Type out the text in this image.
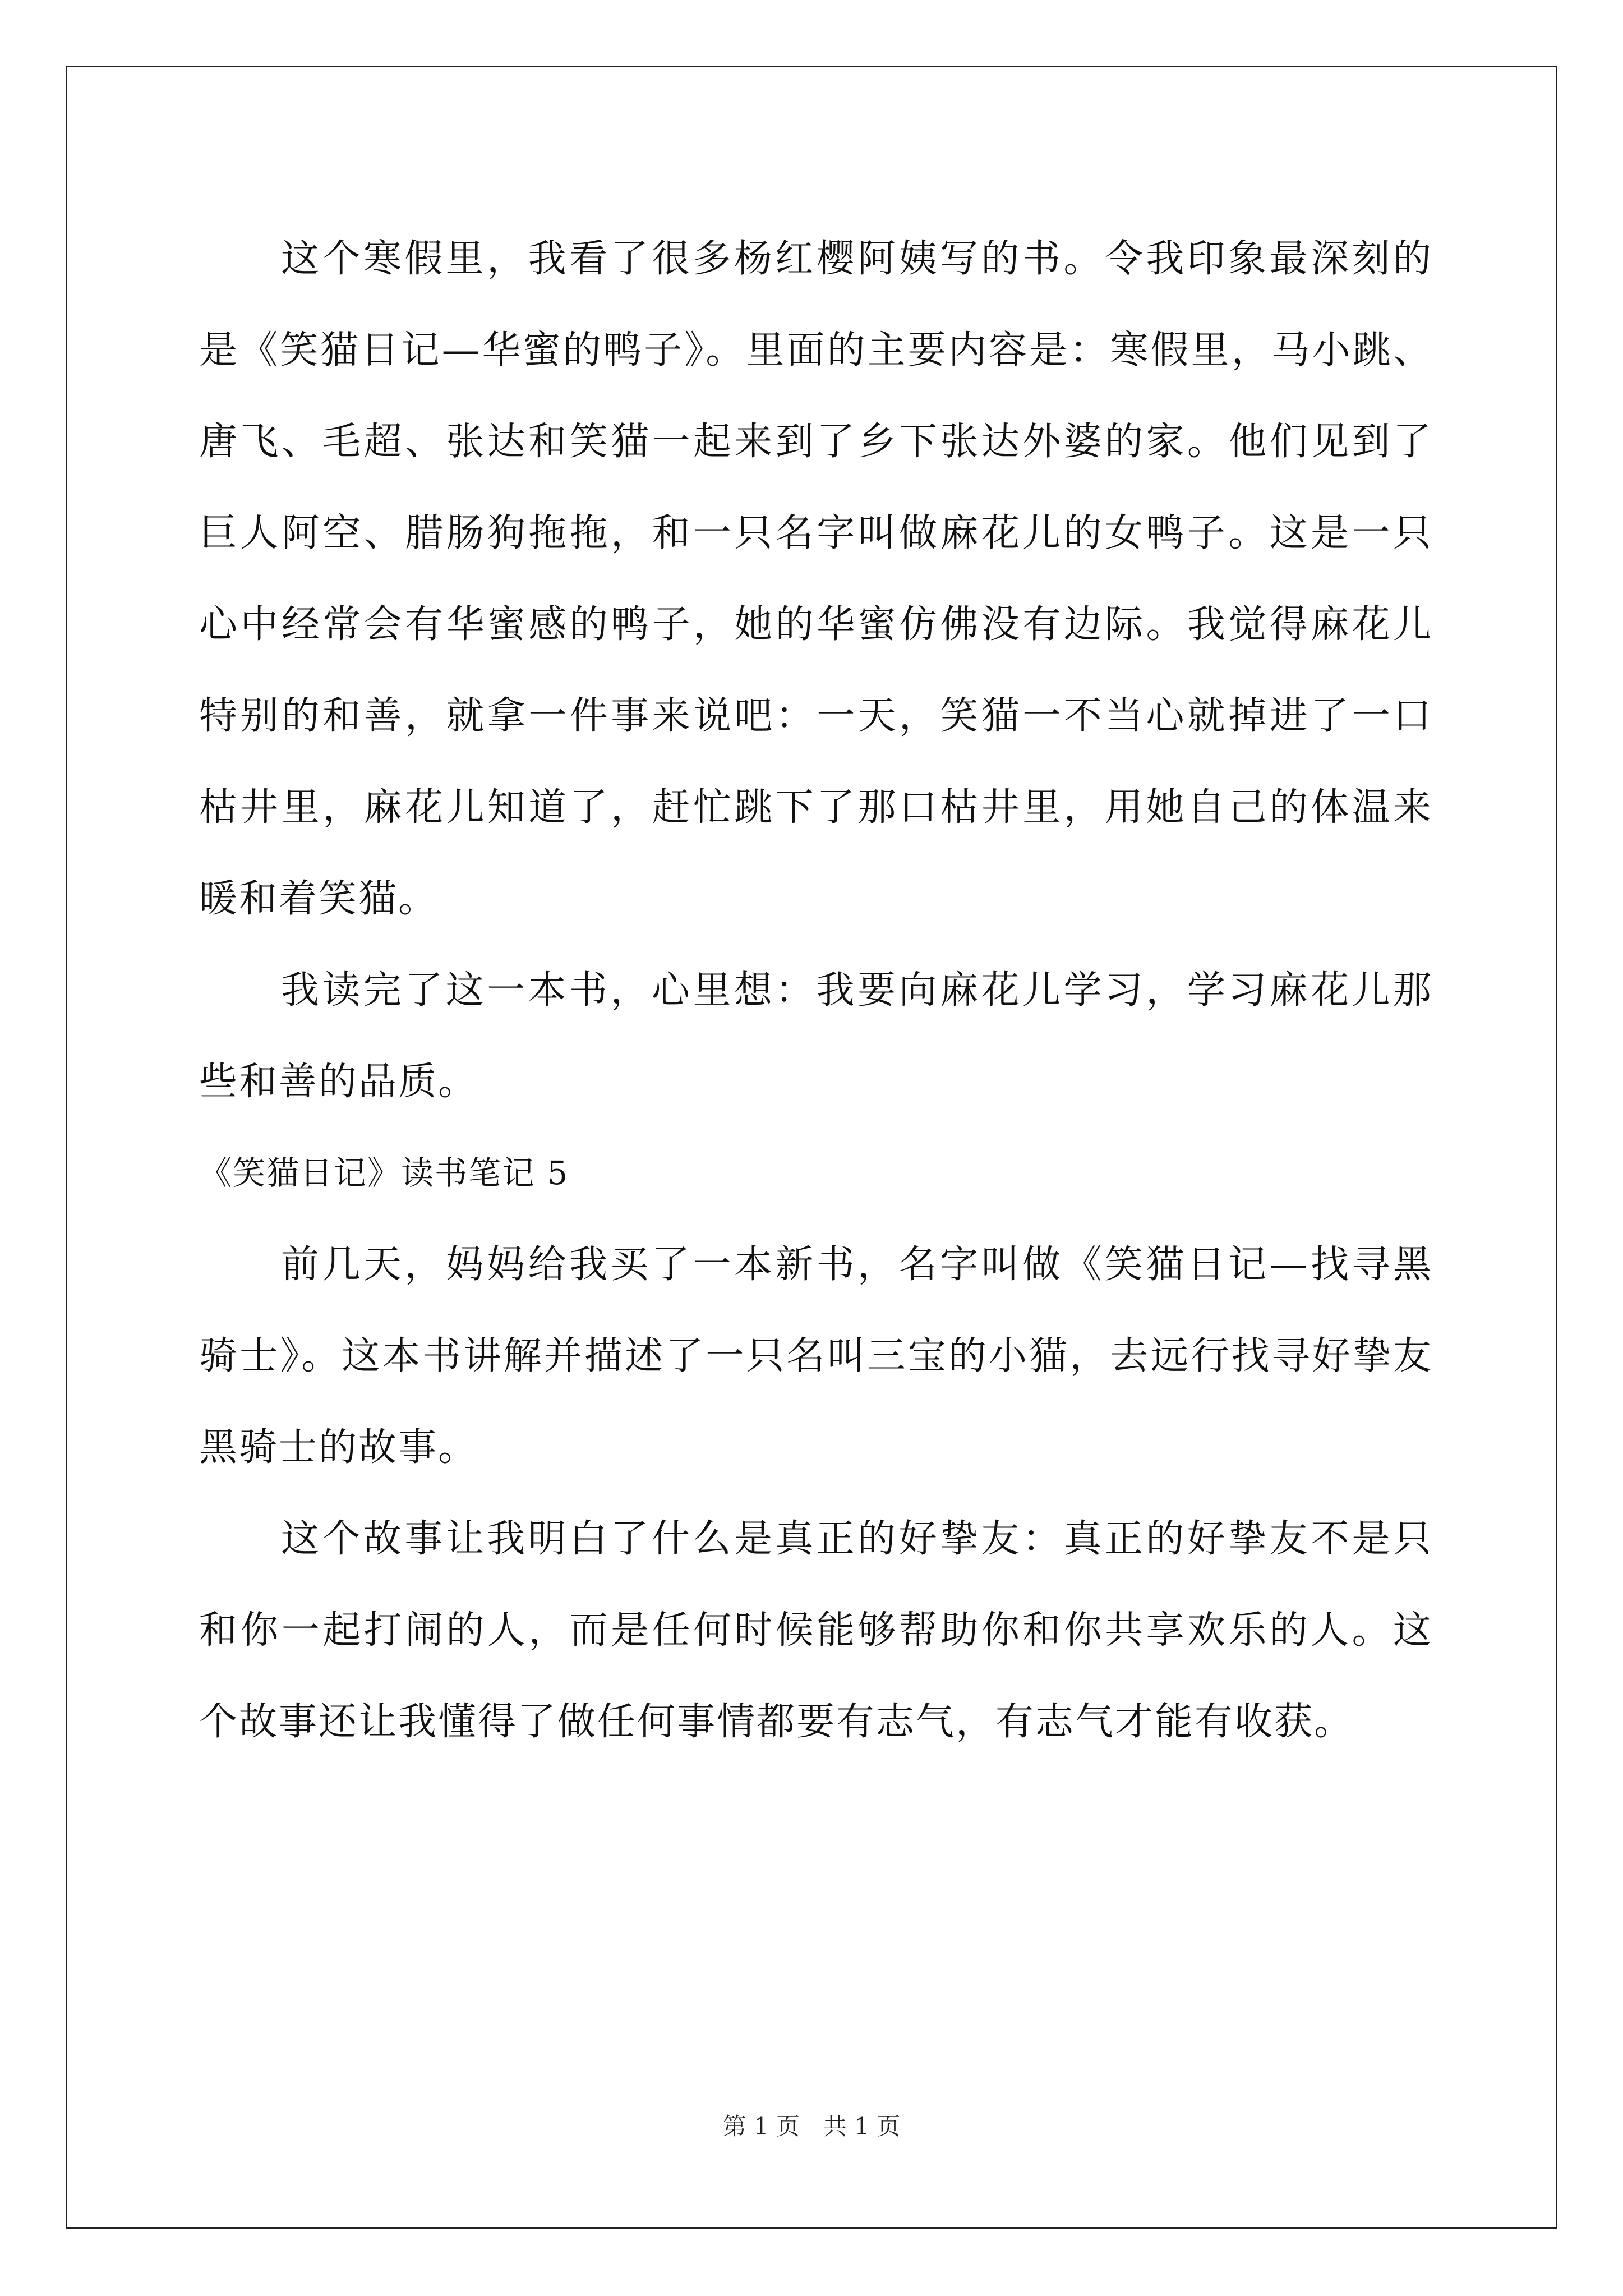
这个寒假里，我看了很多杨红樱阿姨写的书。令我印象最深刻的是《笑猫日记—华蜜的鸭子》。里面的主要内容是：寒假里，马小跳、唐飞、毛超、张达和笑猫一起来到了乡下张达外婆的家。他们见到了巨人阿空、腊肠狗拖拖，和一只名字叫做麻花儿的女鸭子。这是一只心中经常会有华蜜感的鸭子，她的华蜜仿佛没有边际。我觉得麻花儿特别的和善，就拿一件事来说吧：一天，笑猫一不当心就掉进了一口枯井里，麻花儿知道了，赶忙跳下了那口枯井里，用她自己的体温来暖和着笑猫。

我读完了这一本书，心里想：我要向麻花儿学习，学习麻花儿那些和善的品质。

《笑猫日记》读书笔记 5

前几天，妈妈给我买了一本新书，名字叫做《笑猫日记—找寻黑骑士》。这本书讲解并描述了一只名叫三宝的小猫，去远行找寻好挚友黑骑士的故事。

这个故事让我明白了什么是真正的好挚友：真正的好挚友不是只和你一起打闹的人，而是任何时候能够帮助你和你共享欢乐的人。这个故事还让我懂得了做任何事情都要有志气，有志气才能有收获。

第 1 页　共 1 页
